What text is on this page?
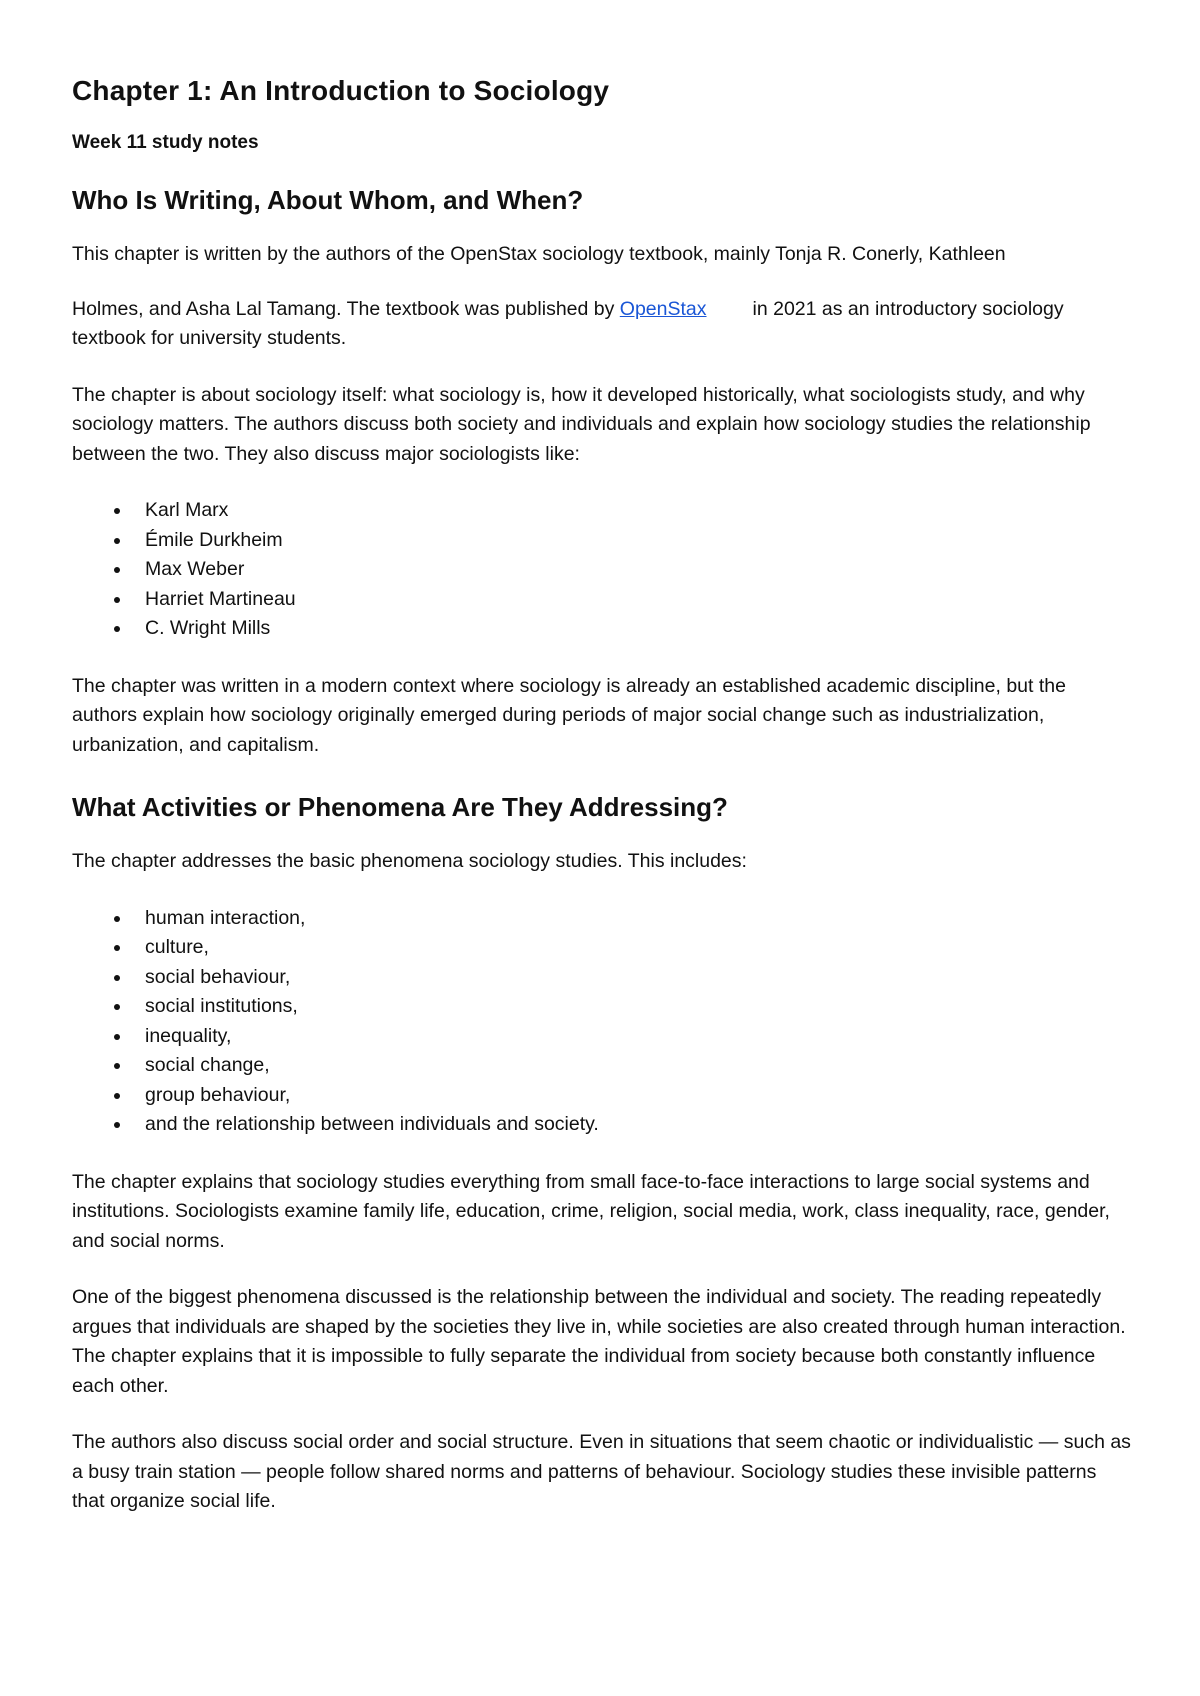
Chapter 1: An Introduction to Sociology
Week 11 study notes
Who Is Writing, About Whom, and When?

This chapter is written by the authors of the OpenStax sociology textbook, mainly Tonja R. Conerly, Kathleen

Holmes, and Asha Lal Tamang. The textbook was published by OpenStax in 2021 as an introductory sociology textbook for university students.

The chapter is about sociology itself: what sociology is, how it developed historically, what sociologists study, and why sociology matters. The authors discuss both society and individuals and explain how sociology studies the relationship between the two. They also discuss major sociologists like:

Karl Marx
Émile Durkheim
Max Weber
Harriet Martineau
C. Wright Mills

The chapter was written in a modern context where sociology is already an established academic discipline, but the authors explain how sociology originally emerged during periods of major social change such as industrialization, urbanization, and capitalism.

What Activities or Phenomena Are They Addressing?

The chapter addresses the basic phenomena sociology studies. This includes:

human interaction,
culture,
social behaviour,
social institutions,
inequality,
social change,
group behaviour,
and the relationship between individuals and society.

The chapter explains that sociology studies everything from small face-to-face interactions to large social systems and institutions. Sociologists examine family life, education, crime, religion, social media, work, class inequality, race, gender, and social norms.

One of the biggest phenomena discussed is the relationship between the individual and society. The reading repeatedly argues that individuals are shaped by the societies they live in, while societies are also created through human interaction. The chapter explains that it is impossible to fully separate the individual from society because both constantly influence each other.

The authors also discuss social order and social structure. Even in situations that seem chaotic or individualistic — such as a busy train station — people follow shared norms and patterns of behaviour. Sociology studies these invisible patterns that organize social life.
